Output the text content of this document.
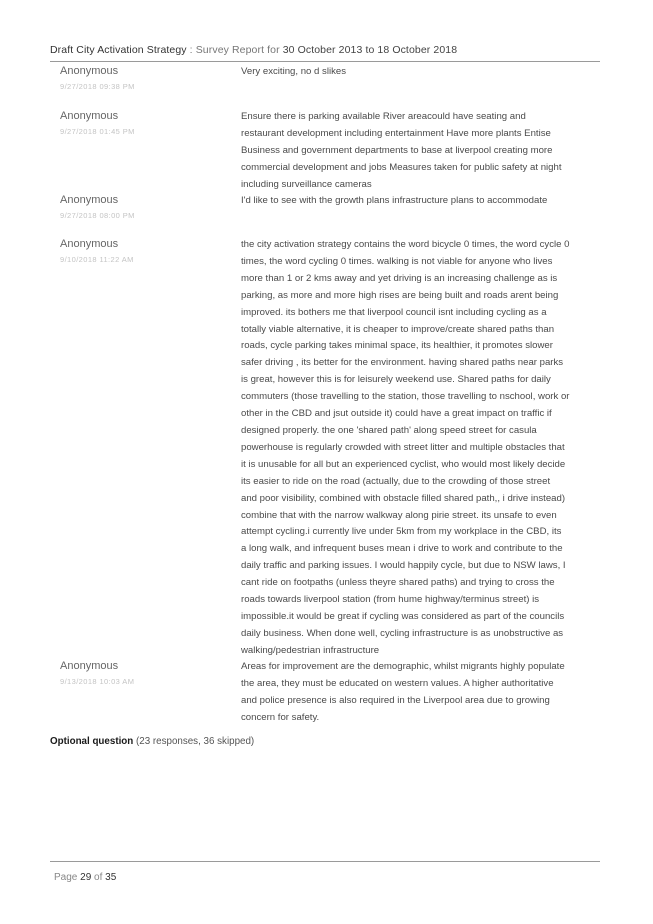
Draft City Activation Strategy : Survey Report for 30 October 2013 to 18 October 2018
Anonymous
9/27/2018 09:38 PM
Very exciting, no d slikes
Anonymous
9/27/2018 01:45 PM
Ensure there is parking available River areacould have seating and
restaurant development including entertainment Have more plants Entise
Business and government departments to base at liverpool creating more
commercial development and jobs Measures taken for public safety at night
including surveillance cameras
Anonymous
9/27/2018 08:00 PM
I'd like to see with the growth plans infrastructure plans to accommodate
Anonymous
9/10/2018 11:22 AM
the city activation strategy contains the word bicycle 0 times, the word cycle 0
times, the word cycling 0 times. walking is not viable for anyone who lives
more than 1 or 2 kms away and yet driving is an increasing challenge as is
parking, as more and more high rises are being built and roads arent being
improved. its bothers me that liverpool council isnt including cycling as a
totally viable alternative, it is cheaper to improve/create shared paths than
roads, cycle parking takes minimal space, its healthier, it promotes slower
safer driving , its better for the environment. having shared paths near parks
is great, however this is for leisurely weekend use. Shared paths for daily
commuters (those travelling to the station, those travelling to nschool, work or
other in the CBD and jsut outside it) could have a great impact on traffic if
designed properly. the one 'shared path' along speed street for casula
powerhouse is regularly crowded with street litter and multiple obstacles that
it is unusable for all but an experienced cyclist, who would most likely decide
its easier to ride on the road (actually, due to the crowding of those street
and poor visibility, combined with obstacle filled shared path,, i drive instead)
combine that with the narrow walkway along pirie street. its unsafe to even
attempt cycling.i currently live under 5km from my workplace in the CBD, its
a long walk, and infrequent buses mean i drive to work and contribute to the
daily traffic and parking issues. I would happily cycle, but due to NSW laws, I
cant ride on footpaths (unless theyre shared paths) and trying to cross the
roads towards liverpool station (from hume highway/terminus street) is
impossible.it would be great if cycling was considered as part of the councils
daily business. When done well, cycling infrastructure is as unobstructive as
walking/pedestrian infrastructure
Anonymous
9/13/2018 10:03 AM
Areas for improvement are the demographic, whilst migrants highly populate
the area, they must be educated on western values. A higher authoritative
and police presence is also required in the Liverpool area due to growing
concern for safety.
Optional question (23 responses, 36 skipped)
Page 29 of 35
